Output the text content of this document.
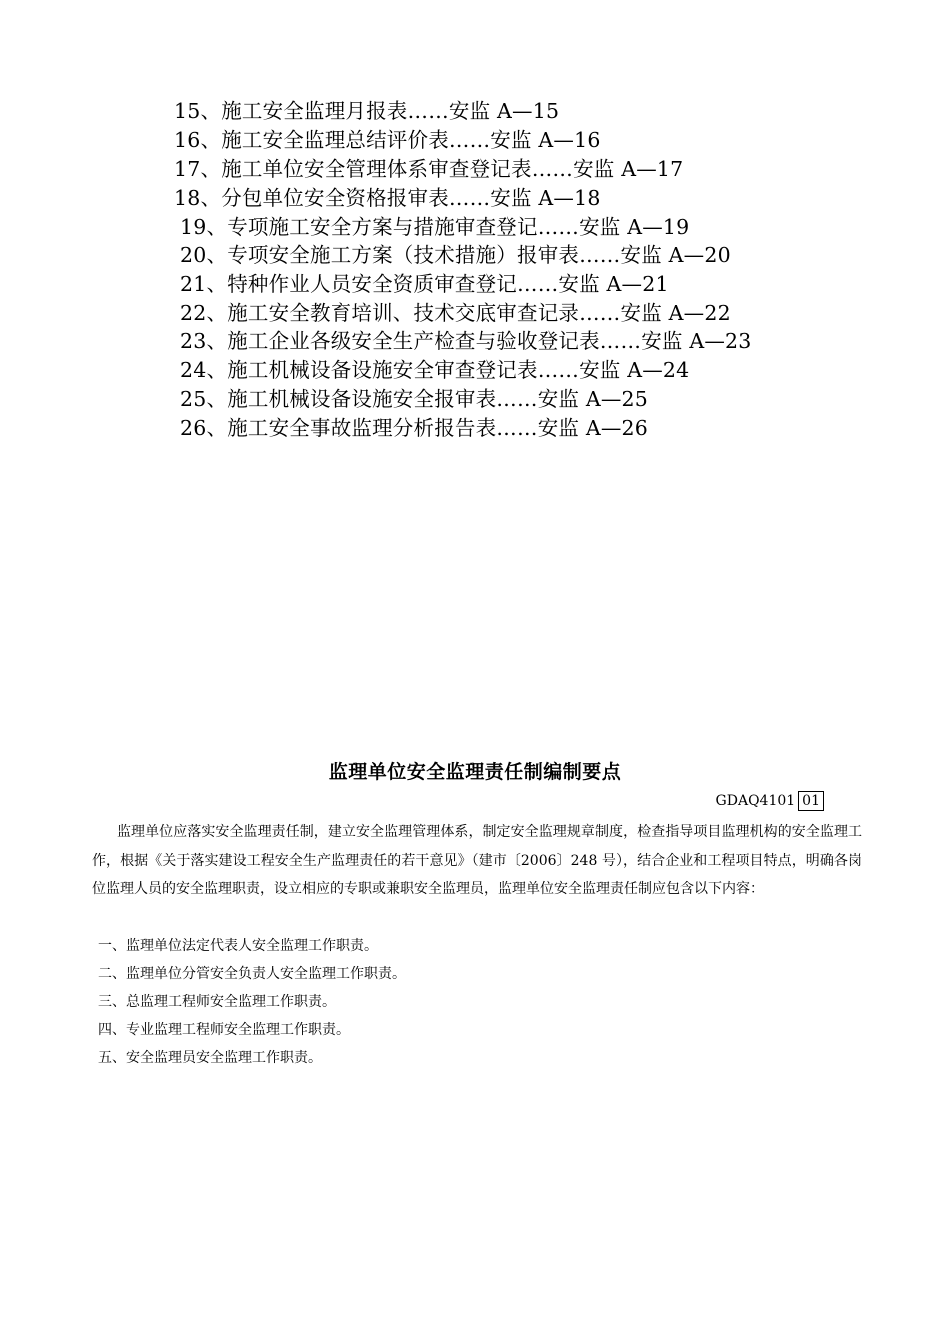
15、施工安全监理月报表……安监 A—15
16、施工安全监理总结评价表……安监 A—16
17、施工单位安全管理体系审查登记表……安监 A—17
18、分包单位安全资格报审表……安监 A—18
19、专项施工安全方案与措施审查登记……安监 A—19
20、专项安全施工方案（技术措施）报审表……安监 A—20
21、特种作业人员安全资质审查登记……安监 A—21
22、施工安全教育培训、技术交底审查记录……安监 A—22
23、施工企业各级安全生产检查与验收登记表……安监 A—23
24、施工机械设备设施安全审查登记表……安监 A—24
25、施工机械设备设施安全报审表……安监 A—25
26、施工安全事故监理分析报告表……安监 A—26
监理单位安全监理责任制编制要点
GDAQ4101 01

监理单位应落实安全监理责任制，建立安全监理管理体系，制定安全监理规章制度，检查指导项目监理机构的安全监理工作，根据《关于落实建设工程安全生产监理责任的若干意见》（建市〔2006〕248 号），结合企业和工程项目特点，明确各岗位监理人员的安全监理职责，设立相应的专职或兼职安全监理员，监理单位安全监理责任制应包含以下内容：

一、监理单位法定代表人安全监理工作职责。
二、监理单位分管安全负责人安全监理工作职责。
三、总监理工程师安全监理工作职责。
四、专业监理工程师安全监理工作职责。
五、安全监理员安全监理工作职责。
